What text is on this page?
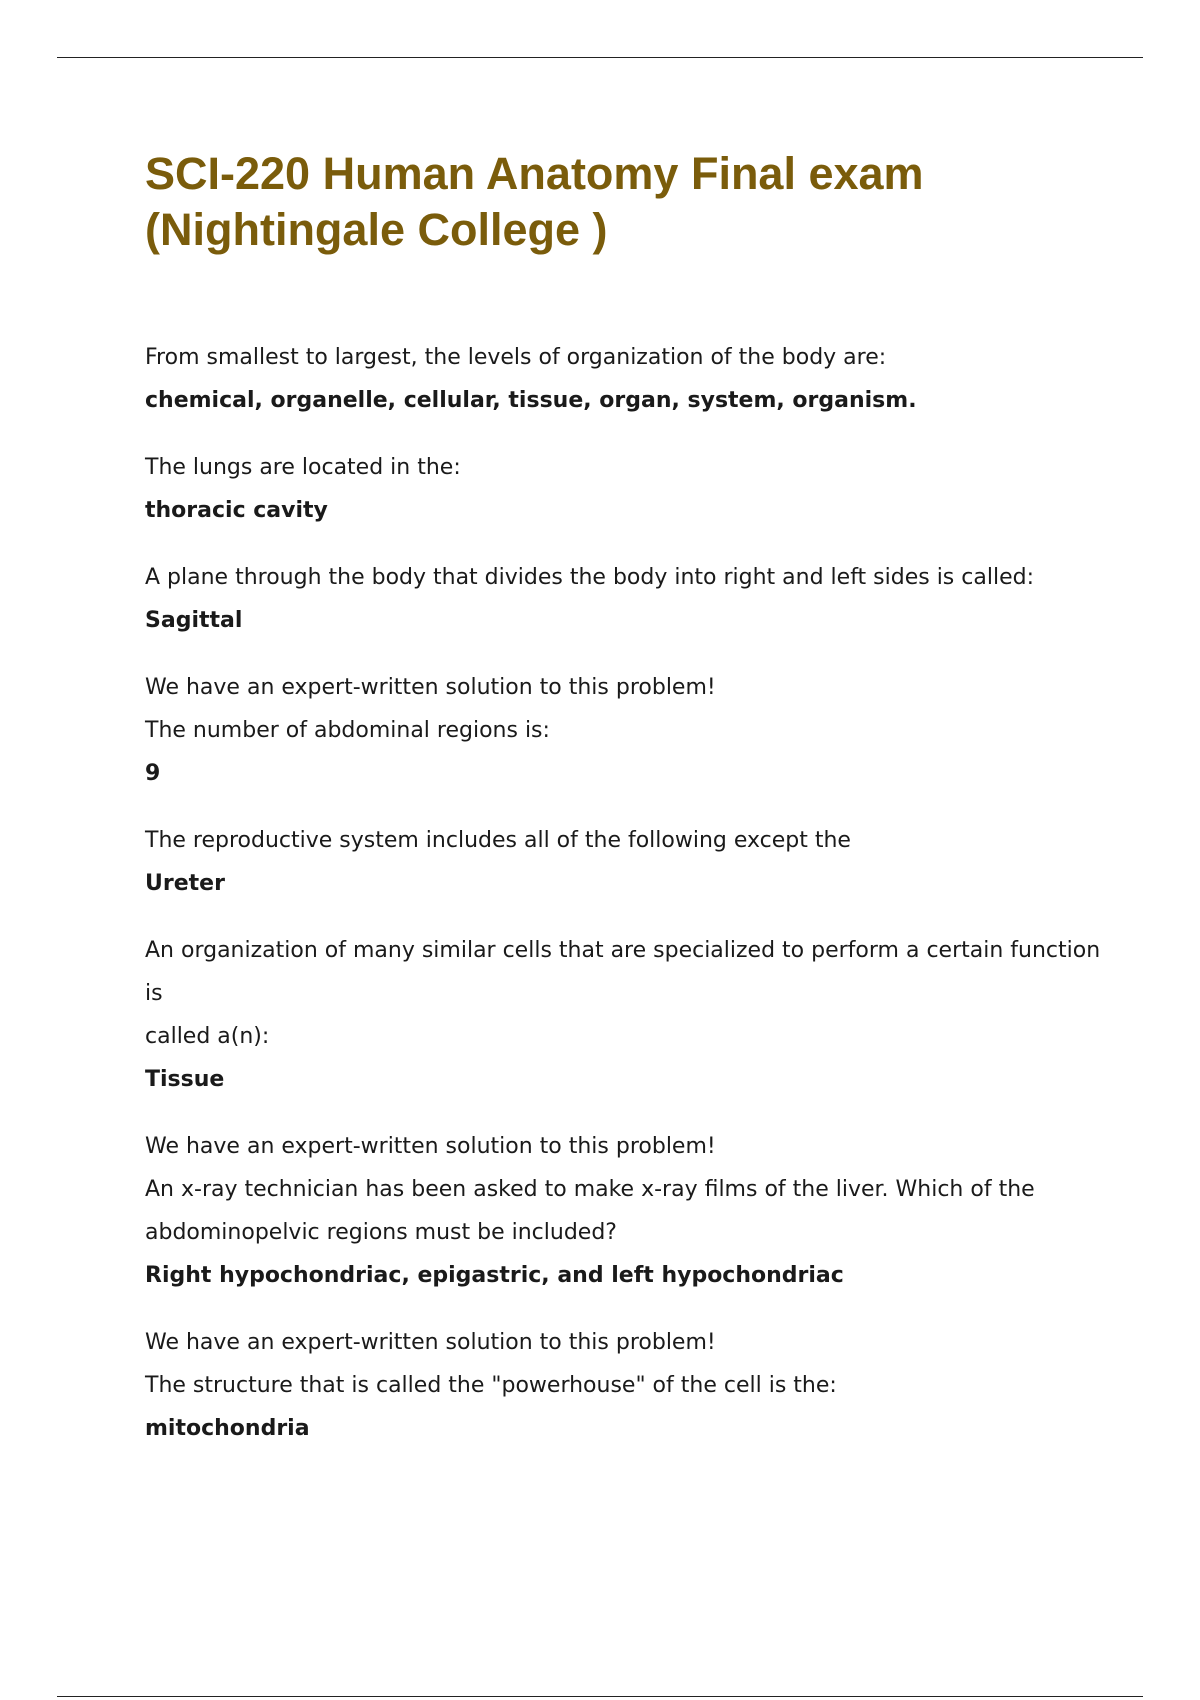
SCI-220 Human Anatomy Final exam
(Nightingale College )

From smallest to largest, the levels of organization of the body are:

chemical, organelle, cellular, tissue, organ, system, organism.

The lungs are located in the:

thoracic cavity

A plane through the body that divides the body into right and left sides is called:

Sagittal

We have an expert-written solution to this problem!

The number of abdominal regions is:

9

The reproductive system includes all of the following except the

Ureter

An organization of many similar cells that are specialized to perform a certain function is

called a(n):

Tissue

We have an expert-written solution to this problem!

An x-ray technician has been asked to make x-ray films of the liver. Which of the

abdominopelvic regions must be included?

Right hypochondriac, epigastric, and left hypochondriac

We have an expert-written solution to this problem!

The structure that is called the "powerhouse" of the cell is the:

mitochondria
